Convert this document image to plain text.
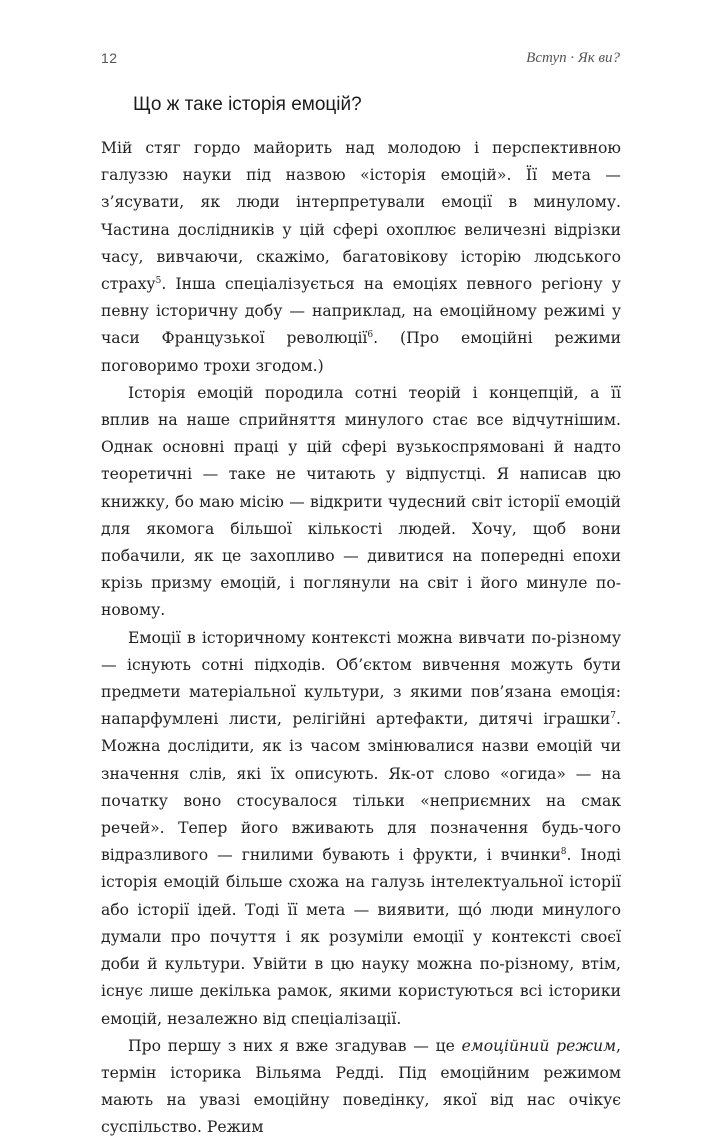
12	Вступ · Як ви?
Що ж таке історія емоцій?

Мій стяг гордо майорить над молодою і перспективною галуззю науки під назвою «історія емоцій». Її мета — з’ясувати, як люди інтерпретували емоції в минулому. Частина дослідників у цій сфері охоплює величезні відрізки часу, вивчаючи, скажімо, багатовікову історію людського страху$^5$. Інша спеціалізується на емоціях певного регіону у певну історичну добу — наприклад, на емоційному режимі у часи Французької революції$^6$. (Про емоційні режими поговоримо трохи згодом.)

Історія емоцій породила сотні теорій і концепцій, а її вплив на наше сприйняття минулого стає все відчутнішим. Однак основні праці у цій сфері вузькоспрямовані й надто теоретичні — таке не читають у відпустці. Я написав цю книжку, бо маю місію — відкрити чудесний світ історії емоцій для якомога більшої кількості людей. Хочу, щоб вони побачили, як це захопливо — дивитися на попередні епохи крізь призму емоцій, і поглянули на світ і його минуле по-новому.

Емоції в історичному контексті можна вивчати по-різному — існують сотні підходів. Об’єктом вивчення можуть бути предмети матеріальної культури, з якими пов’язана емоція: напарфумлені листи, релігійні артефакти, дитячі іграшки$^7$. Можна дослідити, як із часом змінювалися назви емоцій чи значення слів, які їх описують. Як-от слово «огида» — на початку воно стосувалося тільки «неприємних на смак речей». Тепер його вживають для позначення будь-чого відразливого — гнилими бувають і фрукти, і вчинки$^8$. Іноді історія емоцій більше схожа на галузь інтелектуальної історії або історії ідей. Тоді її мета — виявити, що́ люди минулого думали про почуття і як розуміли емоції у контексті своєї доби й культури. Увійти в цю науку можна по-різному, втім, існує лише декілька рамок, якими користуються всі історики емоцій, незалежно від спеціалізації.

Про першу з них я вже згадував — це емоційний режим, термін історика Вільяма Редді. Під емоційним режимом мають на увазі емоційну поведінку, якої від нас очікує суспільство. Режим
